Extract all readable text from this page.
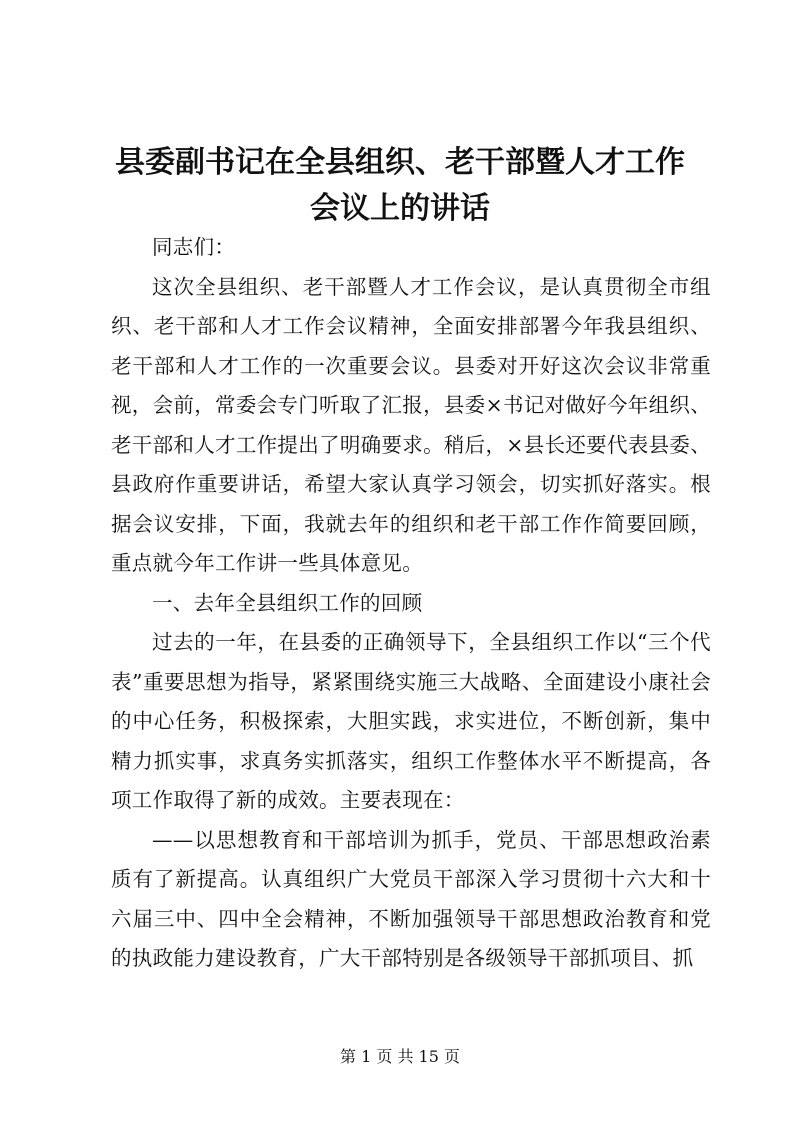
县委副书记在全县组织、老干部暨人才工作会议上的讲话

同志们：

这次全县组织、老干部暨人才工作会议，是认真贯彻全市组织、老干部和人才工作会议精神，全面安排部署今年我县组织、老干部和人才工作的一次重要会议。县委对开好这次会议非常重视，会前，常委会专门听取了汇报，县委×书记对做好今年组织、老干部和人才工作提出了明确要求。稍后，×县长还要代表县委、县政府作重要讲话，希望大家认真学习领会，切实抓好落实。根据会议安排，下面，我就去年的组织和老干部工作作简要回顾，重点就今年工作讲一些具体意见。

一、去年全县组织工作的回顾

过去的一年，在县委的正确领导下，全县组织工作以“三个代表”重要思想为指导，紧紧围绕实施三大战略、全面建设小康社会的中心任务，积极探索，大胆实践，求实进位，不断创新，集中精力抓实事，求真务实抓落实，组织工作整体水平不断提高，各项工作取得了新的成效。主要表现在：

——以思想教育和干部培训为抓手，党员、干部思想政治素质有了新提高。认真组织广大党员干部深入学习贯彻十六大和十六届三中、四中全会精神，不断加强领导干部思想政治教育和党的执政能力建设教育，广大干部特别是各级领导干部抓项目、抓

第 1 页 共 15 页
